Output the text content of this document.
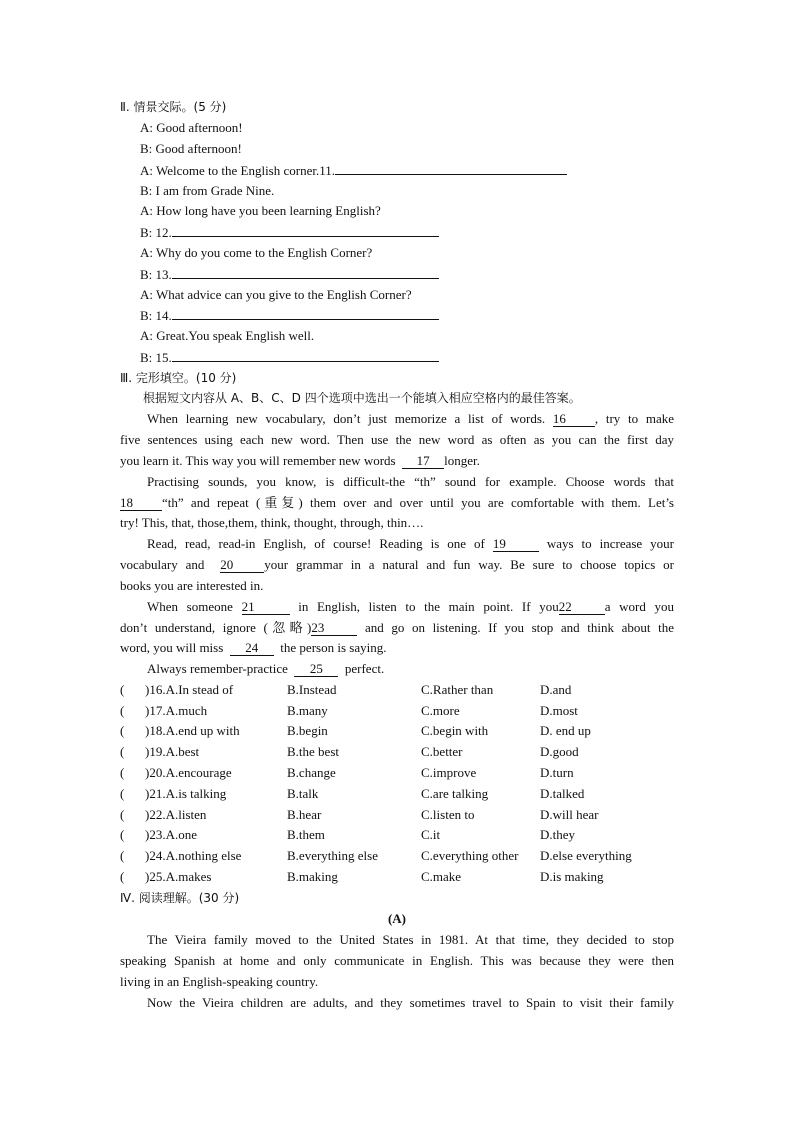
Ⅱ. 情景交际。(5 分)
A: Good afternoon!
B: Good afternoon!
A: Welcome to the English corner.11.
B: I am from Grade Nine.
A: How long have you been learning English?
B: 12.
A: Why do you come to the English Corner?
B: 13.
A: What advice can you give to the English Corner?
B: 14.
A: Great.You speak English well.
B: 15.
Ⅲ. 完形填空。(10 分)
根据短文内容从 A、B、C、D 四个选项中选出一个能填入相应空格内的最佳答案。
When learning new vocabulary, don’t just memorize a list of words. 16 , try to make
five sentences using each new word. Then use the new word as often as you can the first day
you learn it. This way you will remember new words 17 longer.
Practising sounds, you know, is difficult-the “th” sound for example. Choose words that
18 “th” and repeat (重复) them over and over until you are comfortable with them. Let’s
try! This, that, those,them, think, thought, through, thin….
Read, read, read-in English, of course! Reading is one of 19	ways to increase your
vocabulary and 20 your grammar in a natural and fun way. Be sure to choose topics or
books you are interested in.
When someone 21	in English, listen to the main point. If you22	a word you
don’t understand, ignore (忽略)23	and go on listening. If you stop and think about the
word, you will miss 24 the person is saying.
Always remember-practice 25 perfect.
( )16.A.In stead of	B.Instead	C.Rather than	D.and
( )17.A.much	B.many	C.more	D.most
( )18.A.end up with	B.begin	C.begin with	D. end up
( )19.A.best	B.the best	C.better	D.good
( )20.A.encourage	B.change	C.improve	D.turn
( )21.A.is talking	B.talk	C.are talking	D.talked
( )22.A.listen	B.hear	C.listen to	D.will hear
( )23.A.one	B.them	C.it	D.they
( )24.A.nothing else	B.everything else	C.everything other D.else everything
( )25.A.makes	B.making	C.make	D.is making
Ⅳ. 阅读理解。(30 分)
(A)
The Vieira family moved to the United States in 1981. At that time, they decided to stop
speaking Spanish at home and only communicate in English. This was because they were then
living in an English-speaking country.
Now the Vieira children are adults, and they sometimes travel to Spain to visit their family
